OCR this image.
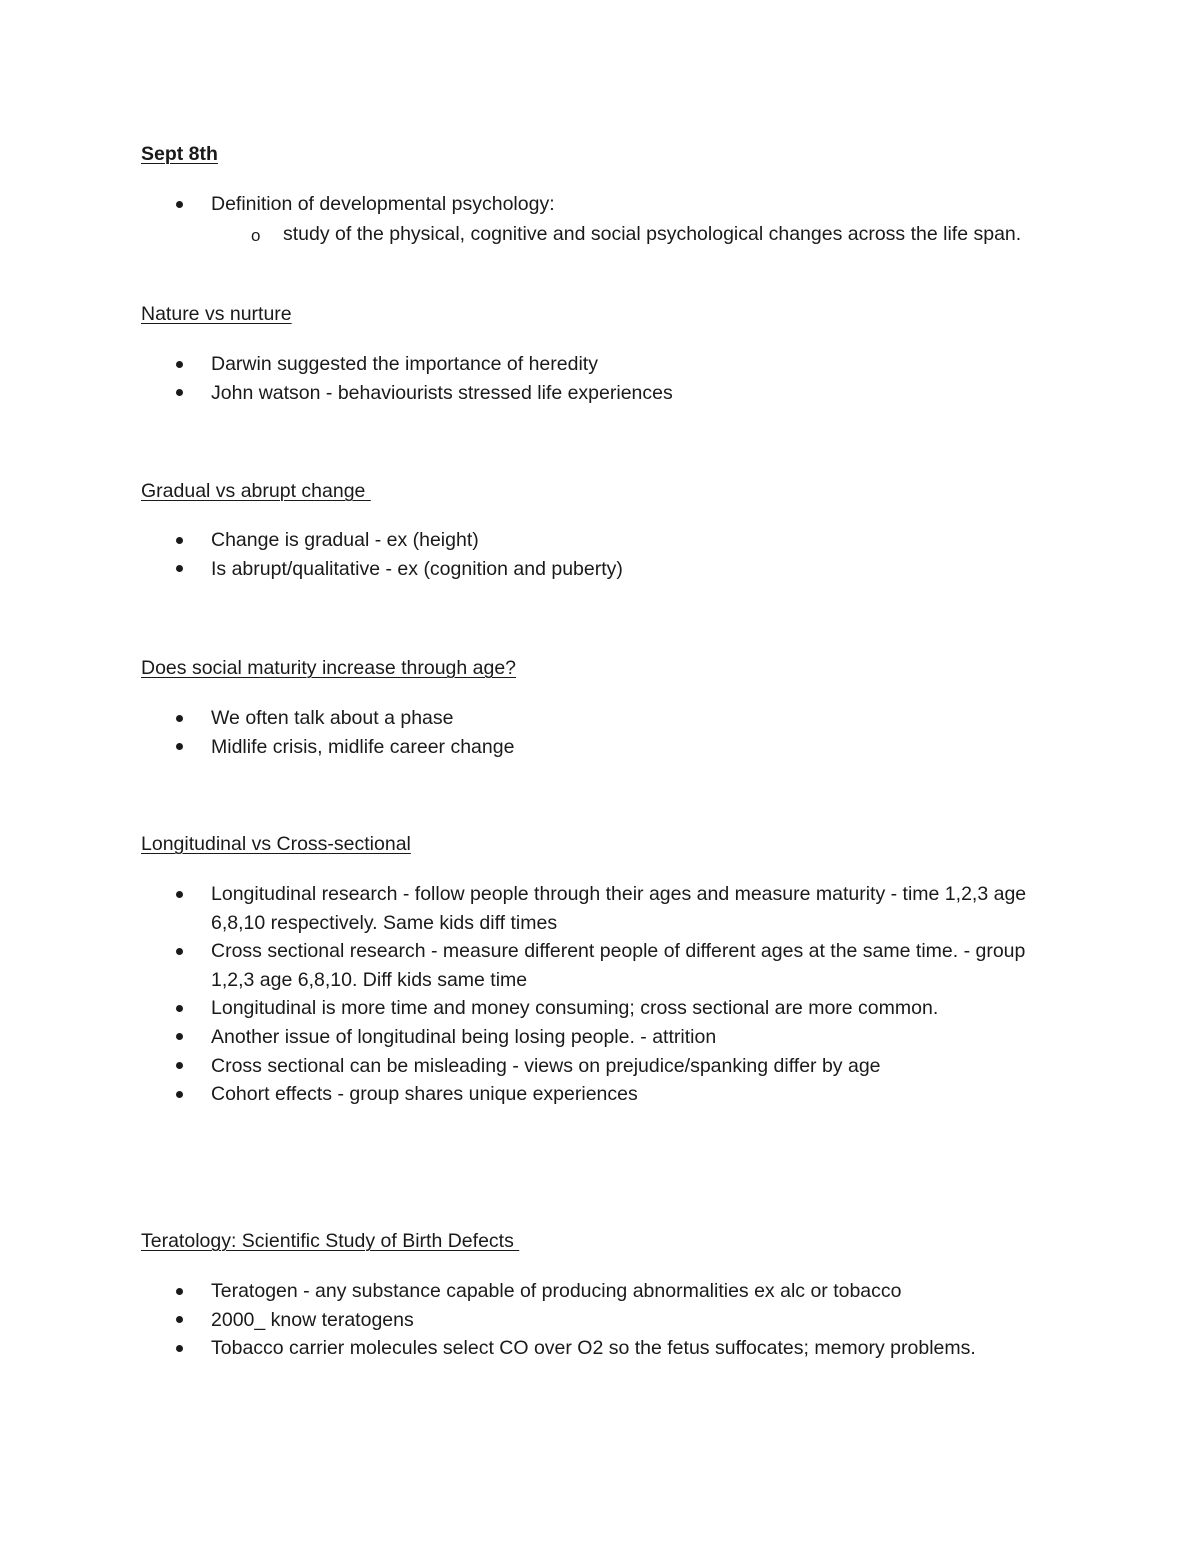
Sept 8th
Definition of developmental psychology:
o study of the physical, cognitive and social psychological changes across the life span.
Nature vs nurture
Darwin suggested the importance of heredity
John watson - behaviourists stressed life experiences
Gradual vs abrupt change
Change is gradual - ex (height)
Is abrupt/qualitative - ex (cognition and puberty)
Does social maturity increase through age?
We often talk about a phase
Midlife crisis, midlife career change
Longitudinal vs Cross-sectional
Longitudinal research - follow people through their ages and measure maturity - time 1,2,3 age 6,8,10 respectively. Same kids diff times
Cross sectional research - measure different people of different ages at the same time. - group 1,2,3 age 6,8,10. Diff kids same time
Longitudinal is more time and money consuming; cross sectional are more common.
Another issue of longitudinal being losing people. - attrition
Cross sectional can be misleading - views on prejudice/spanking differ by age
Cohort effects - group shares unique experiences
Teratology: Scientific Study of Birth Defects
Teratogen - any substance capable of producing abnormalities ex alc or tobacco
2000_ know teratogens
Tobacco carrier molecules select CO over O2 so the fetus suffocates; memory problems.
